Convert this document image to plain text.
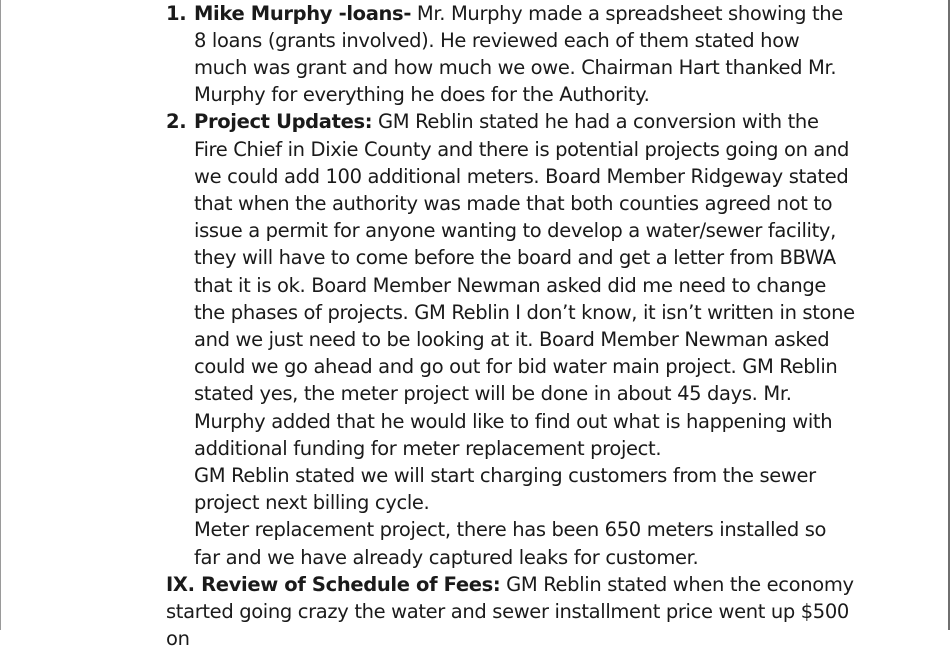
1. Mike Murphy -loans- Mr. Murphy made a spreadsheet showing the 8 loans (grants involved). He reviewed each of them stated how much was grant and how much we owe. Chairman Hart thanked Mr. Murphy for everything he does for the Authority.

2. Project Updates: GM Reblin stated he had a conversion with the Fire Chief in Dixie County and there is potential projects going on and we could add 100 additional meters. Board Member Ridgeway stated that when the authority was made that both counties agreed not to issue a permit for anyone wanting to develop a water/sewer facility, they will have to come before the board and get a letter from BBWA that it is ok. Board Member Newman asked did me need to change the phases of projects. GM Reblin I don’t know, it isn’t written in stone and we just need to be looking at it. Board Member Newman asked could we go ahead and go out for bid water main project. GM Reblin stated yes, the meter project will be done in about 45 days. Mr. Murphy added that he would like to find out what is happening with additional funding for meter replacement project.

GM Reblin stated we will start charging customers from the sewer project next billing cycle.

Meter replacement project, there has been 650 meters installed so far and we have already captured leaks for customer.

IX. Review of Schedule of Fees: GM Reblin stated when the economy started going crazy the water and sewer installment price went up $500 on
